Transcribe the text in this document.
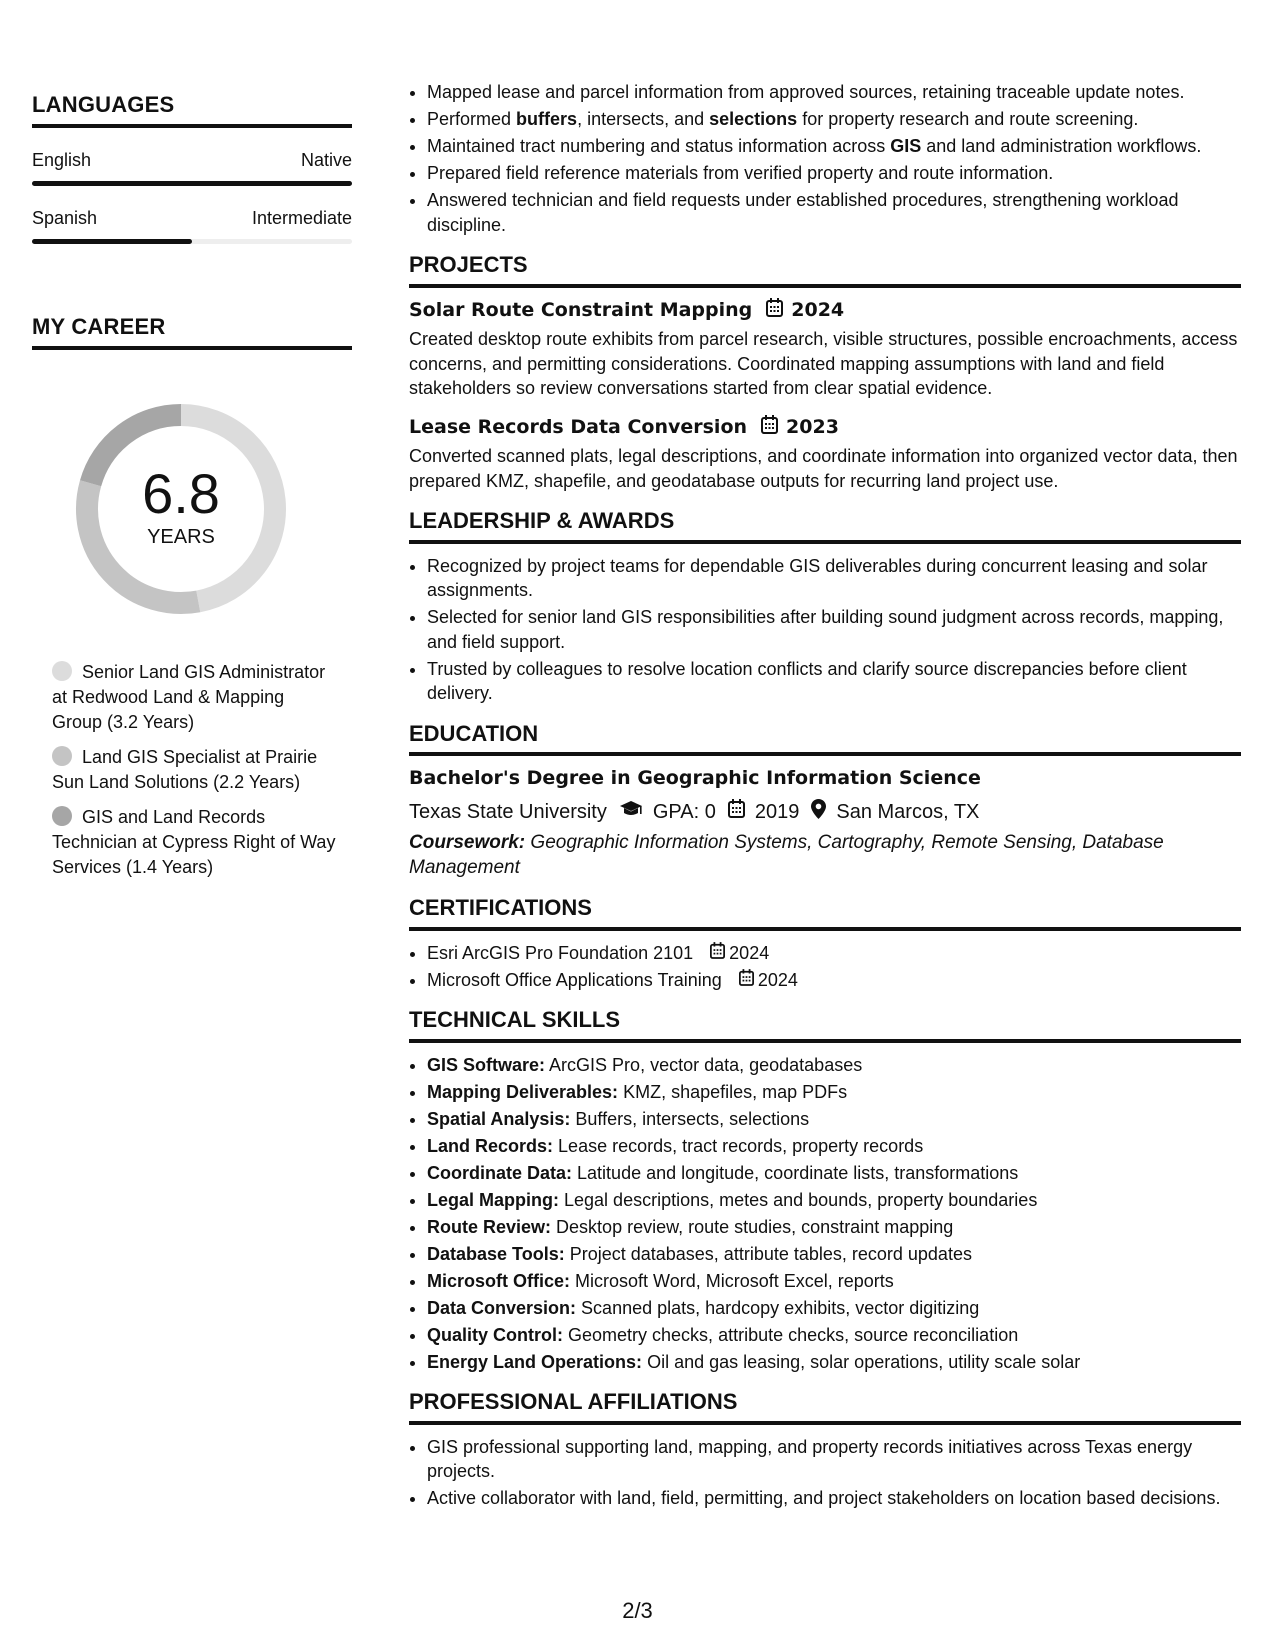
LANGUAGES
English	Native
Spanish	Intermediate
MY CAREER
6.8
YEARS
Senior Land GIS Administrator at Redwood Land & Mapping Group (3.2 Years)
Land GIS Specialist at Prairie Sun Land Solutions (2.2 Years)
GIS and Land Records Technician at Cypress Right of Way Services (1.4 Years)
• Mapped lease and parcel information from approved sources, retaining traceable update notes.
• Performed buffers, intersects, and selections for property research and route screening.
• Maintained tract numbering and status information across GIS and land administration workflows.
• Prepared field reference materials from verified property and route information.
• Answered technician and field requests under established procedures, strengthening workload discipline.
PROJECTS
Solar Route Constraint Mapping 2024
Created desktop route exhibits from parcel research, visible structures, possible encroachments, access concerns, and permitting considerations. Coordinated mapping assumptions with land and field stakeholders so review conversations started from clear spatial evidence.
Lease Records Data Conversion 2023
Converted scanned plats, legal descriptions, and coordinate information into organized vector data, then prepared KMZ, shapefile, and geodatabase outputs for recurring land project use.
LEADERSHIP & AWARDS
• Recognized by project teams for dependable GIS deliverables during concurrent leasing and solar assignments.
• Selected for senior land GIS responsibilities after building sound judgment across records, mapping, and field support.
• Trusted by colleagues to resolve location conflicts and clarify source discrepancies before client delivery.
EDUCATION
Bachelor's Degree in Geographic Information Science
Texas State University GPA: 0 2019 San Marcos, TX
Coursework: Geographic Information Systems, Cartography, Remote Sensing, Database Management
CERTIFICATIONS
• Esri ArcGIS Pro Foundation 2101 2024
• Microsoft Office Applications Training 2024
TECHNICAL SKILLS
• GIS Software: ArcGIS Pro, vector data, geodatabases
• Mapping Deliverables: KMZ, shapefiles, map PDFs
• Spatial Analysis: Buffers, intersects, selections
• Land Records: Lease records, tract records, property records
• Coordinate Data: Latitude and longitude, coordinate lists, transformations
• Legal Mapping: Legal descriptions, metes and bounds, property boundaries
• Route Review: Desktop review, route studies, constraint mapping
• Database Tools: Project databases, attribute tables, record updates
• Microsoft Office: Microsoft Word, Microsoft Excel, reports
• Data Conversion: Scanned plats, hardcopy exhibits, vector digitizing
• Quality Control: Geometry checks, attribute checks, source reconciliation
• Energy Land Operations: Oil and gas leasing, solar operations, utility scale solar
PROFESSIONAL AFFILIATIONS
• GIS professional supporting land, mapping, and property records initiatives across Texas energy projects.
• Active collaborator with land, field, permitting, and project stakeholders on location based decisions.
2/3
